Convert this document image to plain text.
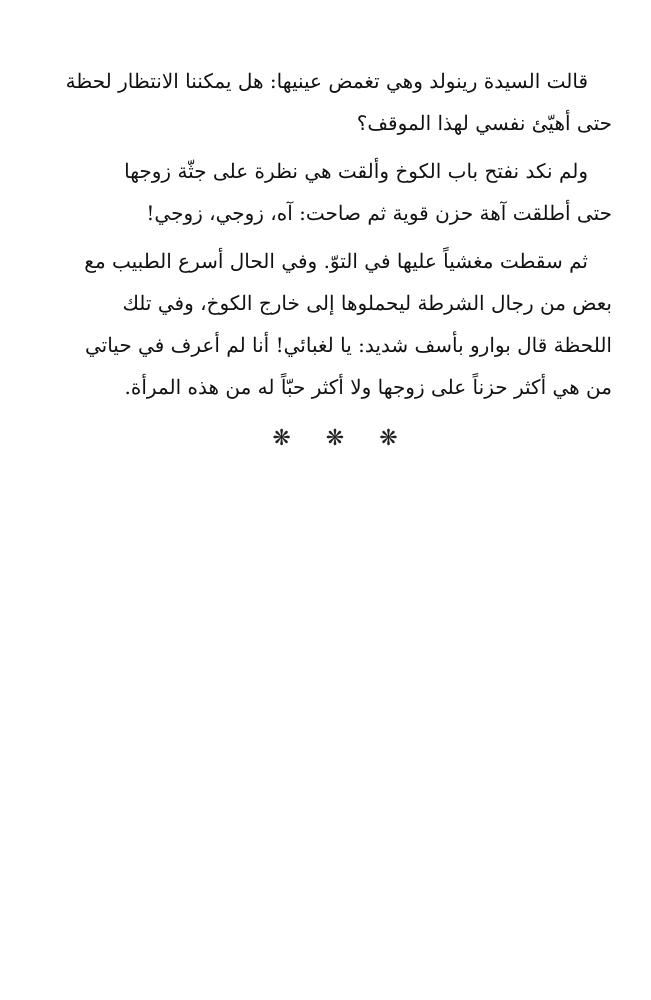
قالت السيدة رينولد وهي تغمض عينيها: هل يمكننا الانتظار لحظة
حتى أهيّئ نفسي لهذا الموقف؟

ولم نكد نفتح باب الكوخ وألقت هي نظرة على جثّة زوجها
حتى أطلقت آهة حزن قوية ثم صاحت: آه، زوجي، زوجي!

ثم سقطت مغشياً عليها في التوّ. وفي الحال أسرع الطبيب مع
بعض من رجال الشرطة ليحملوها إلى خارج الكوخ، وفي تلك
اللحظة قال بوارو بأسف شديد: يا لغبائي! أنا لم أعرف في حياتي
من هي أكثر حزناً على زوجها ولا أكثر حبّاً له من هذه المرأة.

❋ ❋ ❋
